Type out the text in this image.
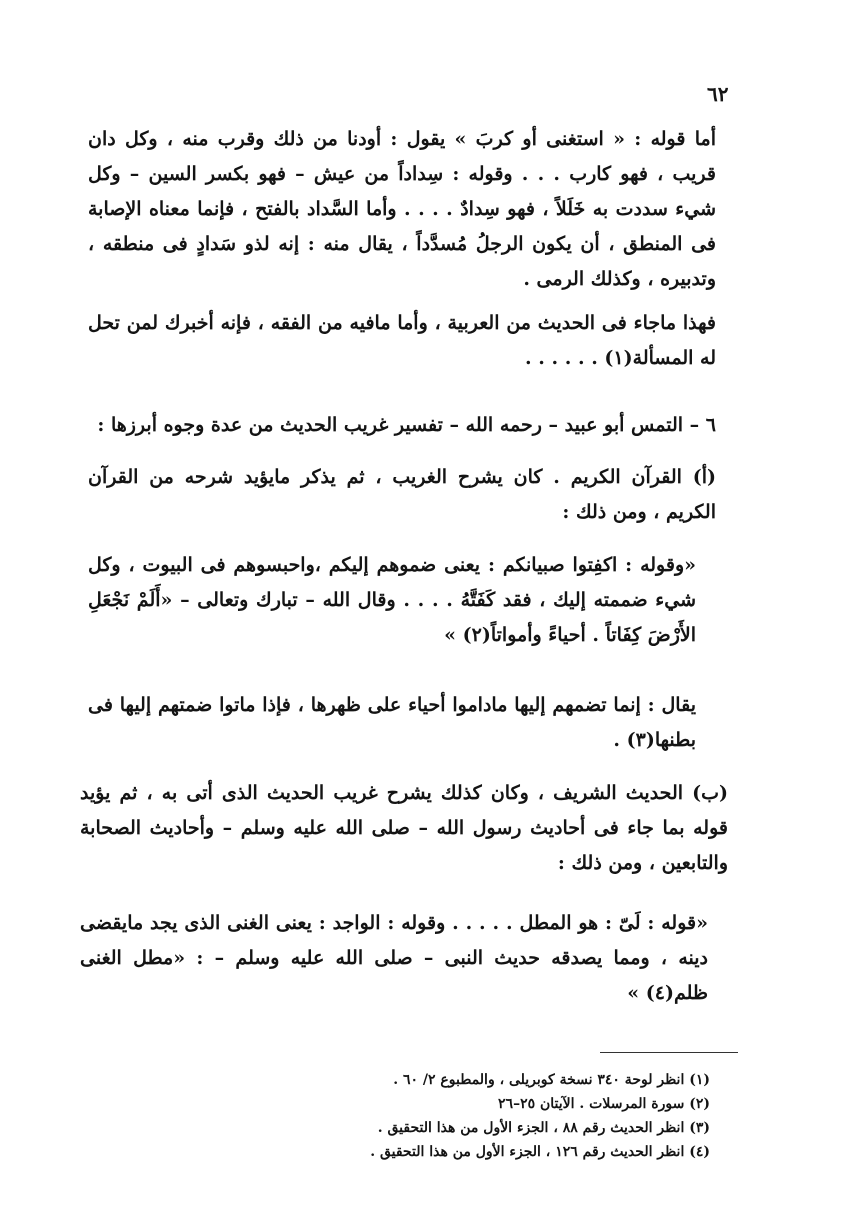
٦٢

أما قوله : « استغنى أو كربَ » يقول : أودنا من ذلك وقرب منه ، وكل دان قريب ، فهو كارب . . . وقوله : سِداداً من عيش – فهو بكسر السين – وكل شيء سددت به خَلَلاً ، فهو سِدادٌ . . . . وأما السَّداد بالفتح ، فإنما معناه الإصابة فى المنطق ، أن يكون الرجلُ مُسدَّداً ، يقال منه : إنه لذو سَدادٍ فى منطقه ، وتدبيره ، وكذلك الرمى .

فهذا ماجاء فى الحديث من العربية ، وأما مافيه من الفقه ، فإنه أخبرك لمن تحل له المسألة(١) . . . . . .

٦ – التمس أبو عبيد – رحمه الله – تفسير غريب الحديث من عدة وجوه أبرزها :

(أ) القرآن الكريم . كان يشرح الغريب ، ثم يذكر مايؤيد شرحه من القرآن الكريم ، ومن ذلك :

«وقوله : اكفِتوا صبيانكم : يعنى ضموهم إليكم ،واحبسوهم فى البيوت ، وكل شيء ضممته إليك ، فقد كَفَتَّهُ . . . . وقال الله – تبارك وتعالى – «أَلَمْ نَجْعَلِ الأَرْضَ كِفَاتاً . أحياءً وأمواتاً(٢) »

يقال : إنما تضمهم إليها ماداموا أحياء على ظهرها ، فإذا ماتوا ضمتهم إليها فى بطنها(٣) .

(ب) الحديث الشريف ، وكان كذلك يشرح غريب الحديث الذى أتى به ، ثم يؤيد قوله بما جاء فى أحاديث رسول الله – صلى الله عليه وسلم – وأحاديث الصحابة والتابعين ، ومن ذلك :

«قوله : لَىّ : هو المطل . . . . . وقوله : الواجد : يعنى الغنى الذى يجد مايقضى دينه ، ومما يصدقه حديث النبى – صلى الله عليه وسلم – : «مطل الغنى ظلم(٤) »

(١) انظر لوحة ٣٤٠ نسخة كوبريلى ، والمطبوع ٢/ ٦٠ .
(٢) سورة المرسلات . الآيتان ٢٥–٢٦
(٣) انظر الحديث رقم ٨٨ ، الجزء الأول من هذا التحقيق .
(٤) انظر الحديث رقم ١٢٦ ، الجزء الأول من هذا التحقيق .
